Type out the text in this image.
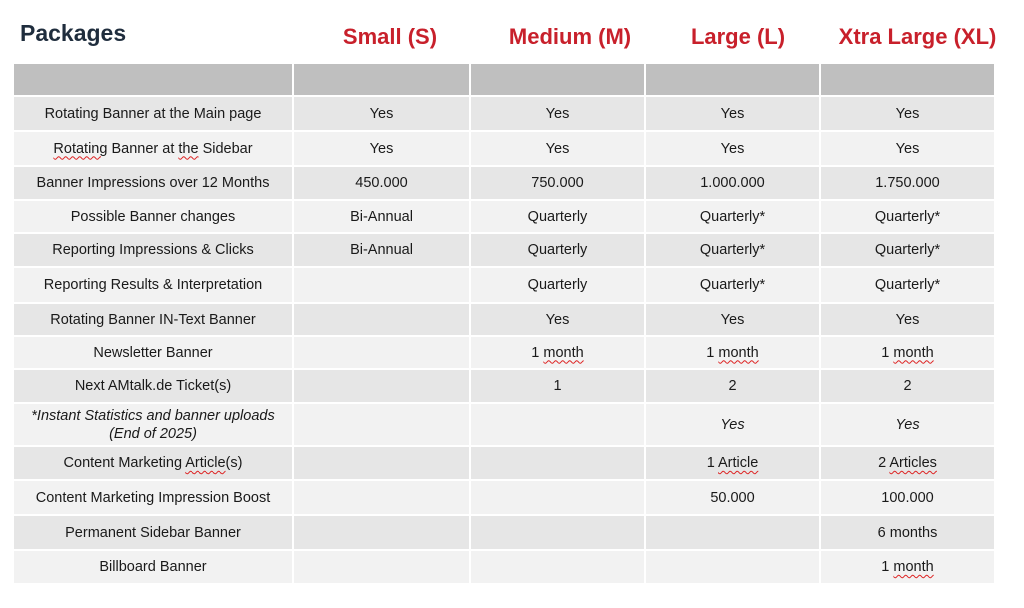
Packages	Small (S)	Medium (M)	Large (L)	Xtra Large (XL)

Rotating Banner at the Main page	Yes	Yes	Yes	Yes
Rotating Banner at the Sidebar	Yes	Yes	Yes	Yes
Banner Impressions over 12 Months	450.000	750.000	1.000.000	1.750.000
Possible Banner changes	Bi-Annual	Quarterly	Quarterly*	Quarterly*
Reporting Impressions & Clicks	Bi-Annual	Quarterly	Quarterly*	Quarterly*
Reporting Results & Interpretation		Quarterly	Quarterly*	Quarterly*
Rotating Banner IN-Text Banner		Yes	Yes	Yes
Newsletter Banner		1 month	1 month	1 month
Next AMtalk.de Ticket(s)		1	2	2

*Instant Statistics and banner uploads
(End of 2025)			Yes	Yes
Content Marketing Article(s)			1 Article	2 Articles
Content Marketing Impression Boost			50.000	100.000
Permanent Sidebar Banner				6 months
Billboard Banner				1 month
